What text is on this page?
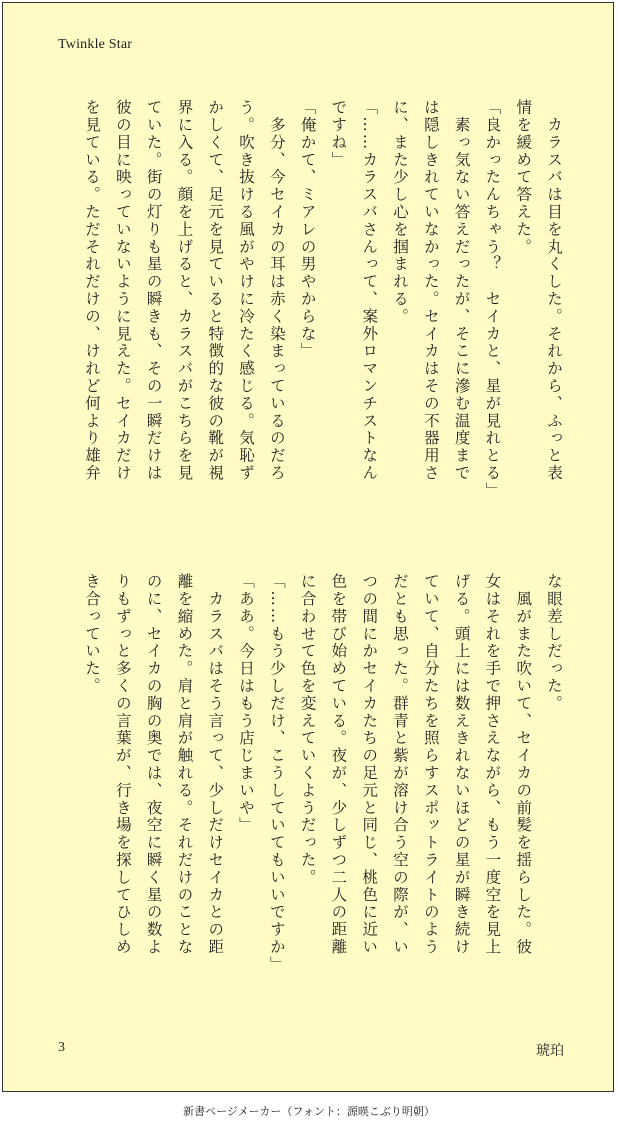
Twinkle Star
　カラスバは目を丸くした。それから、ふっと表
情を緩めて答えた。
「良かったんちゃう？　セイカと、星が見れとる」
　素っ気ない答えだったが、そこに滲む温度まで
は隠しきれていなかった。セイカはその不器用さ
に、また少し心を掴まれる。
「……カラスバさんって、案外ロマンチストなん
ですね」
「俺かて、ミアレの男やからな」
　多分、今セイカの耳は赤く染まっているのだろ
う。吹き抜ける風がやけに冷たく感じる。気恥ず
かしくて、足元を見ていると特徴的な彼の靴が視
界に入る。顔を上げると、カラスバがこちらを見
ていた。街の灯りも星の瞬きも、その一瞬だけは
彼の目に映っていないように見えた。セイカだけ
を見ている。ただそれだけの、けれど何より雄弁
な眼差しだった。
　風がまた吹いて、セイカの前髪を揺らした。彼
女はそれを手で押さえながら、もう一度空を見上
げる。頭上には数えきれないほどの星が瞬き続け
ていて、自分たちを照らすスポットライトのよう
だとも思った。群青と紫が溶け合う空の際が、い
つの間にかセイカたちの足元と同じ、桃色に近い
色を帯び始めている。夜が、少しずつ二人の距離
に合わせて色を変えていくようだった。
「……もう少しだけ、こうしていてもいいですか」
「ああ。今日はもう店じまいや」
　カラスバはそう言って、少しだけセイカとの距
離を縮めた。肩と肩が触れる。それだけのことな
のに、セイカの胸の奥では、夜空に瞬く星の数よ
りもずっと多くの言葉が、行き場を探してひしめ
き合っていた。
3	琥珀
新書ページメーカー（フォント：源暎こぶり明朝）
